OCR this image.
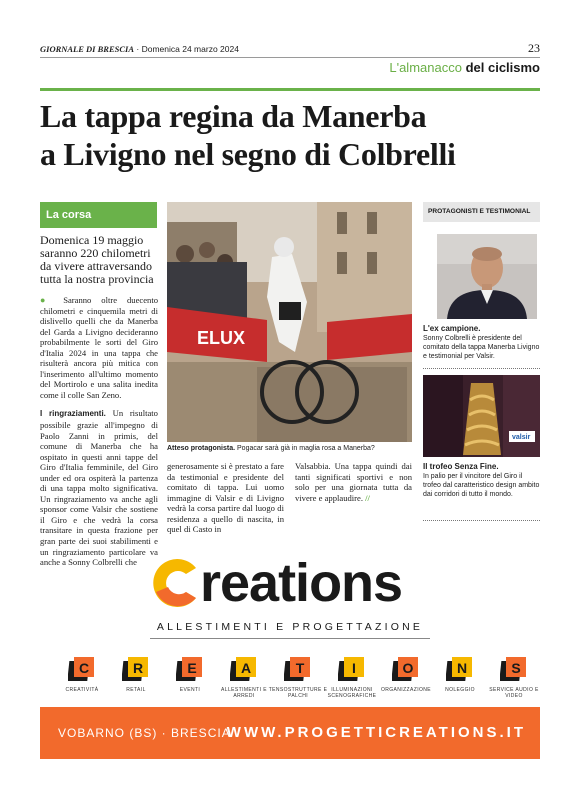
GIORNALE DI BRESCIA · Domenica 24 marzo 2024	23
L'almanacco del ciclismo
La tappa regina da Manerba
a Livigno nel segno di Colbrelli
La corsa
Domenica 19 maggio saranno 220 chilometri da vivere attraversando tutta la nostra provincia

● Saranno oltre duecento chilometri e cinquemila metri di dislivello quelli che da Manerba del Garda a Livigno decideranno probabilmente le sorti del Giro d'Italia 2024 in una tappa che risulterà ancora più mitica con l'inserimento all'ultimo momento del Mortirolo e una salita inedita come il colle San Zeno.

I ringraziamenti. Un risultato possibile grazie all'impegno di Paolo Zanni in primis, del comune di Manerba che ha ospitato in questi anni tappe del Giro d'Italia femminile, del Giro under ed ora ospiterà la partenza di una tappa molto significativa. Un ringraziamento va anche agli sponsor come Valsir che sostiene il Giro e che vedrà la corsa transitare in questa frazione per gran parte dei suoi stabilimenti e un ringraziamento particolare va anche a Sonny Colbrelli che

generosamente si è prestato a fare da testimonial e presidente del comitato di tappa. Lui uomo immagine di Valsir e di Livigno vedrà la corsa partire dal luogo di residenza a quello di nascita, in quel di Casto in

Valsabbia. Una tappa quindi dai tanti significati sportivi e non solo per una giornata tutta da vivere e applaudire. //

ELUX
Atteso protagonista. Pogacar sarà già in maglia rosa a Manerba?
PROTAGONISTI E TESTIMONIAL
L'ex campione.
Sonny Colbrelli è presidente del comitato della tappa Manerba Livigno e testimonial per Valsir.
valsir
Il trofeo Senza Fine.
In palio per il vincitore del Giro il trofeo dal caratteristico design ambito dai corridori di tutto il mondo.
reations
ALLESTIMENTI E PROGETTAZIONE
C
CREATIVITÀ
R
RETAIL
E
EVENTI
A
ALLESTIMENTI E ARREDI
T
TENSOSTRUTTURE E PALCHI
I
ILLUMINAZIONI SCENOGRAFICHE
O
ORGANIZZAZIONE
N
NOLEGGIO
S
SERVICE AUDIO E VIDEO
VOBARNO (BS) · BRESCIA
WWW.PROGETTICREATIONS.IT
